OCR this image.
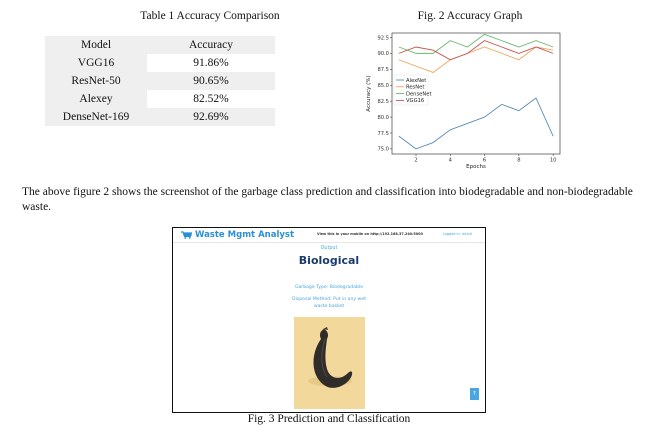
Table 1 Accuracy Comparison
Model	Accuracy
VGG16	91.86%
ResNet-50	90.65%
Alexey	82.52%
DenseNet-169	92.69%
Fig. 2 Accuracy Graph
2	4	6	8	10
75.0
77.5
80.0
82.5
85.0
87.5
90.0
92.5
Epochs
Accuracy (%)	AlexNet
ResNet
DenseNet
VGG16
The above figure 2 shows the screenshot of the garbage class prediction and classification into biodegradable and non-biodegradable waste.
Waste Mgmt Analyst	View this in your mobile on http://192.168.37.240:5000	Logged in: dishid
Output
Biological
Garbage Type: Biodegradable
Disposal Method: Put in any wet waste basket
↑
Fig. 3 Prediction and Classification
